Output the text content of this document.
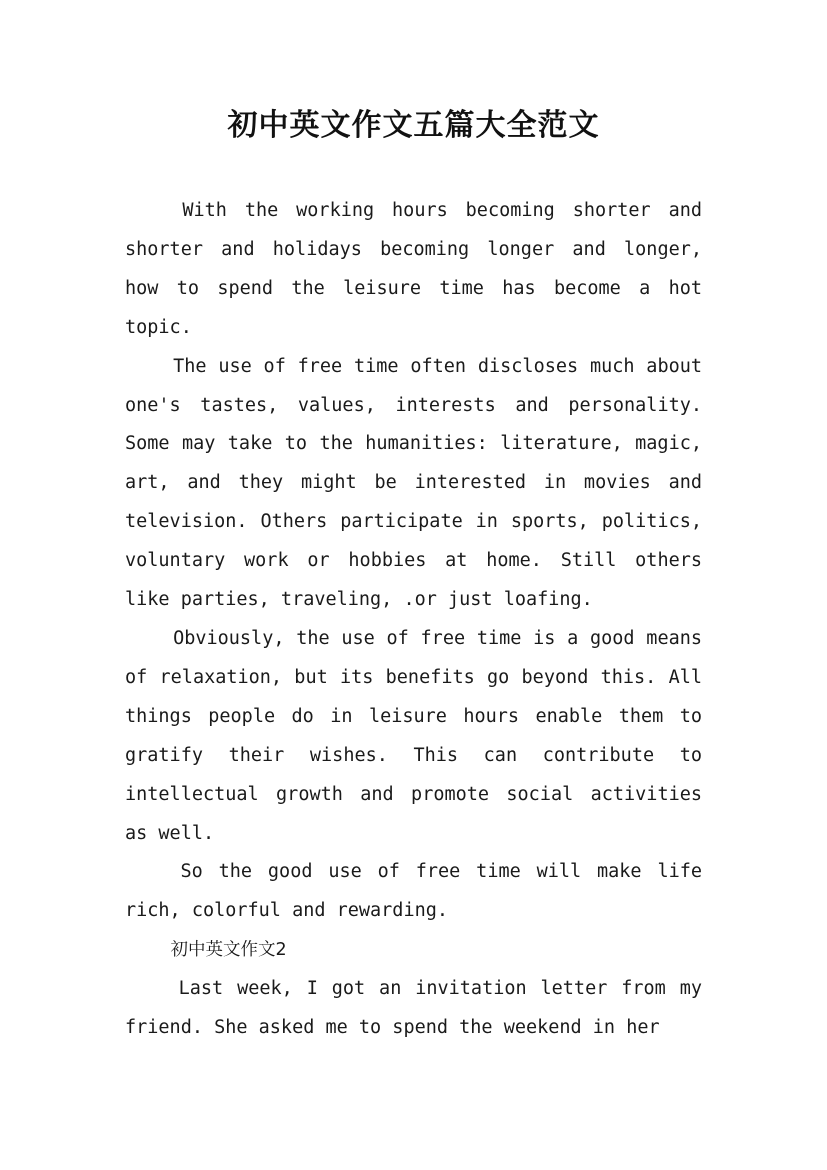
初中英文作文五篇大全范文

With the working hours becoming shorter and shorter and holidays becoming longer and longer, how to spend the leisure time has become a hot topic.

The use of free time often discloses much about one's tastes, values, interests and personality. Some may take to the humanities: literature, magic, art, and they might be interested in movies and television. Others participate in sports, politics, voluntary work or hobbies at home. Still others like parties, traveling, .or just loafing.

Obviously, the use of free time is a good means of relaxation, but its benefits go beyond this. All things people do in leisure hours enable them to gratify their wishes. This can contribute to intellectual growth and promote social activities as well.

So the good use of free time will make life rich, colorful and rewarding.

初中英文作文2

Last week, I got an invitation letter from my friend. She asked me to spend the weekend in her
